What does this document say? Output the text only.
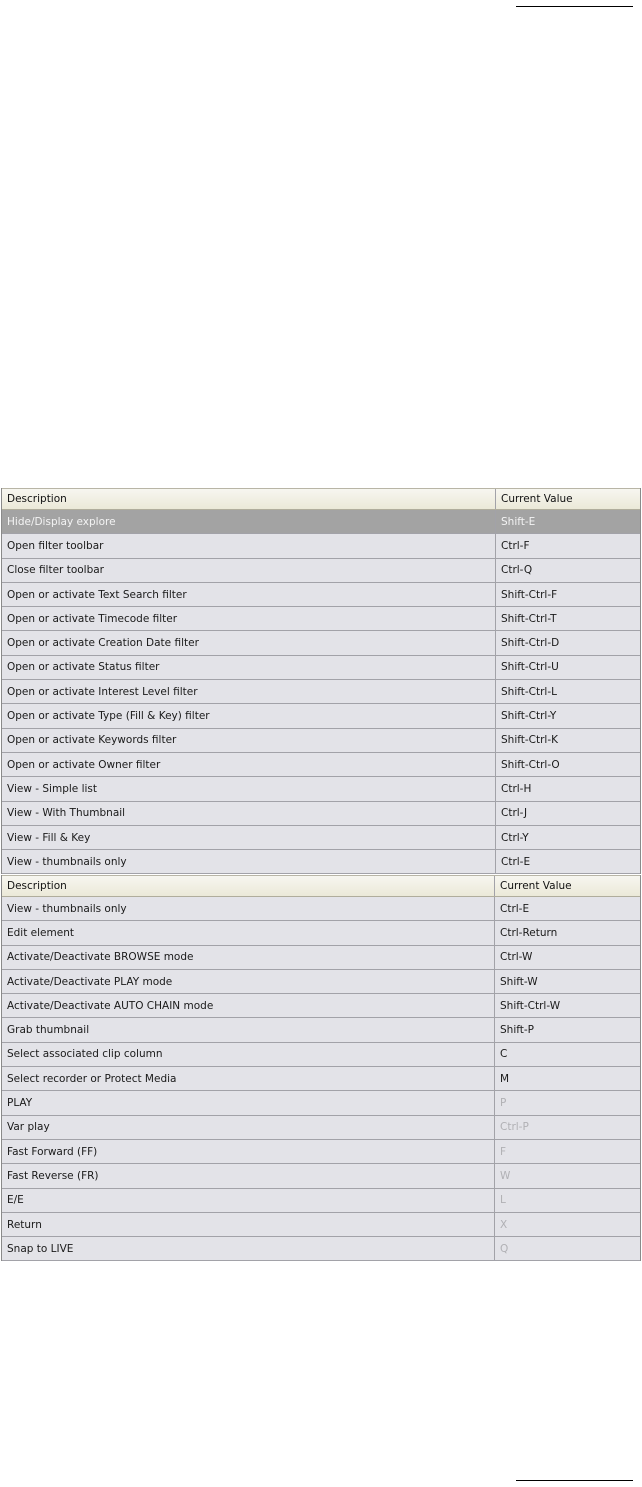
Description	Current Value
Hide/Display explore	Shift-E
Open filter toolbar	Ctrl-F
Close filter toolbar	Ctrl-Q
Open or activate Text Search filter	Shift-Ctrl-F
Open or activate Timecode filter	Shift-Ctrl-T
Open or activate Creation Date filter	Shift-Ctrl-D
Open or activate Status filter	Shift-Ctrl-U
Open or activate Interest Level filter	Shift-Ctrl-L
Open or activate Type (Fill & Key) filter	Shift-Ctrl-Y
Open or activate Keywords filter	Shift-Ctrl-K
Open or activate Owner filter	Shift-Ctrl-O
View - Simple list	Ctrl-H
View - With Thumbnail	Ctrl-J
View - Fill & Key	Ctrl-Y
View - thumbnails only	Ctrl-E
Description	Current Value
View - thumbnails only	Ctrl-E
Edit element	Ctrl-Return
Activate/Deactivate BROWSE mode	Ctrl-W
Activate/Deactivate PLAY mode	Shift-W
Activate/Deactivate AUTO CHAIN mode	Shift-Ctrl-W
Grab thumbnail	Shift-P
Select associated clip column	C
Select recorder or Protect Media	M
PLAY	P
Var play	Ctrl-P
Fast Forward (FF)	F
Fast Reverse (FR)	W
E/E	L
Return	X
Snap to LIVE	Q
